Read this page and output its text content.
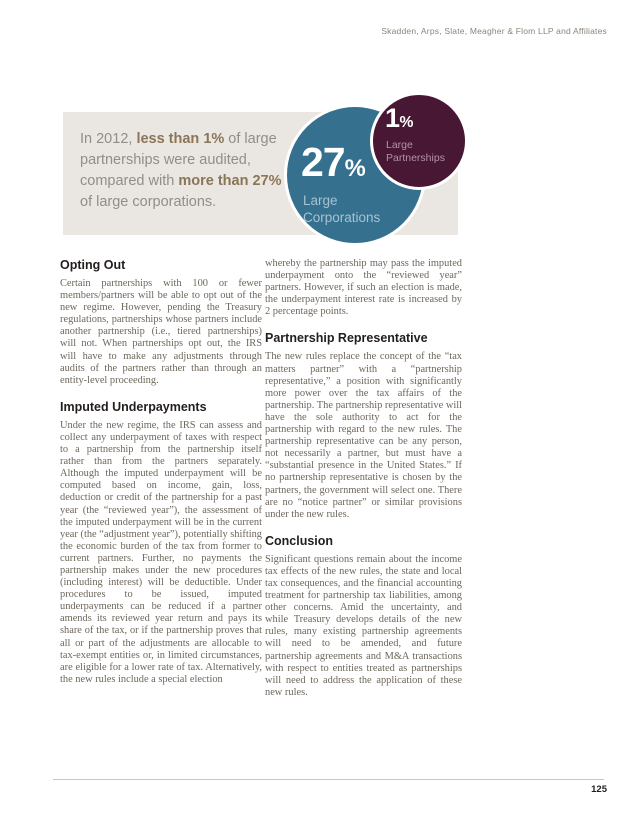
Skadden, Arps, Slate, Meagher & Flom LLP and Affiliates
In 2012, less than 1% of large
partnerships were audited,
compared with more than 27%
of large corporations.
27%
Large
Corporations
1%
Large
Partnerships
Opting Out

Certain partnerships with 100 or fewer members/partners will be able to opt out of the new regime. However, pending the Treasury regulations, partnerships whose partners include another partnership (i.e., tiered partnerships) will not. When partnerships opt out, the IRS will have to make any adjustments through audits of the partners rather than through an entity-level proceeding.

Imputed Underpayments

Under the new regime, the IRS can assess and collect any underpayment of taxes with respect to a partnership from the partnership itself rather than from the partners separately. Although the imputed underpayment will be computed based on income, gain, loss, deduction or credit of the partnership for a past year (the “reviewed year”), the assessment of the imputed underpayment will be in the current year (the “adjustment year”), potentially shifting the economic burden of the tax from former to current partners. Further, no payments the partnership makes under the new procedures (including interest) will be deductible. Under procedures to be issued, imputed underpayments can be reduced if a partner amends its reviewed year return and pays its share of the tax, or if the partnership proves that all or part of the adjustments are allocable to tax-exempt entities or, in limited circumstances, are eligible for a lower rate of tax. Alternatively, the new rules include a special election

whereby the partnership may pass the imputed underpayment onto the “reviewed year” partners. However, if such an election is made, the underpayment interest rate is increased by 2 percentage points.

Partnership Representative

The new rules replace the concept of the “tax matters partner” with a “partnership representative,” a position with significantly more power over the tax affairs of the partnership. The partnership representative will have the sole authority to act for the partnership with regard to the new rules. The partnership representative can be any person, not necessarily a partner, but must have a “substantial presence in the United States.” If no partnership representative is chosen by the partners, the government will select one. There are no “notice partner” or similar provisions under the new rules.

Conclusion

Significant questions remain about the income tax effects of the new rules, the state and local tax consequences, and the financial accounting treatment for partnership tax liabilities, among other concerns. Amid the uncertainty, and while Treasury develops details of the new rules, many existing partnership agreements will need to be amended, and future partnership agreements and M&A transactions with respect to entities treated as partnerships will need to address the application of these new rules.

125
